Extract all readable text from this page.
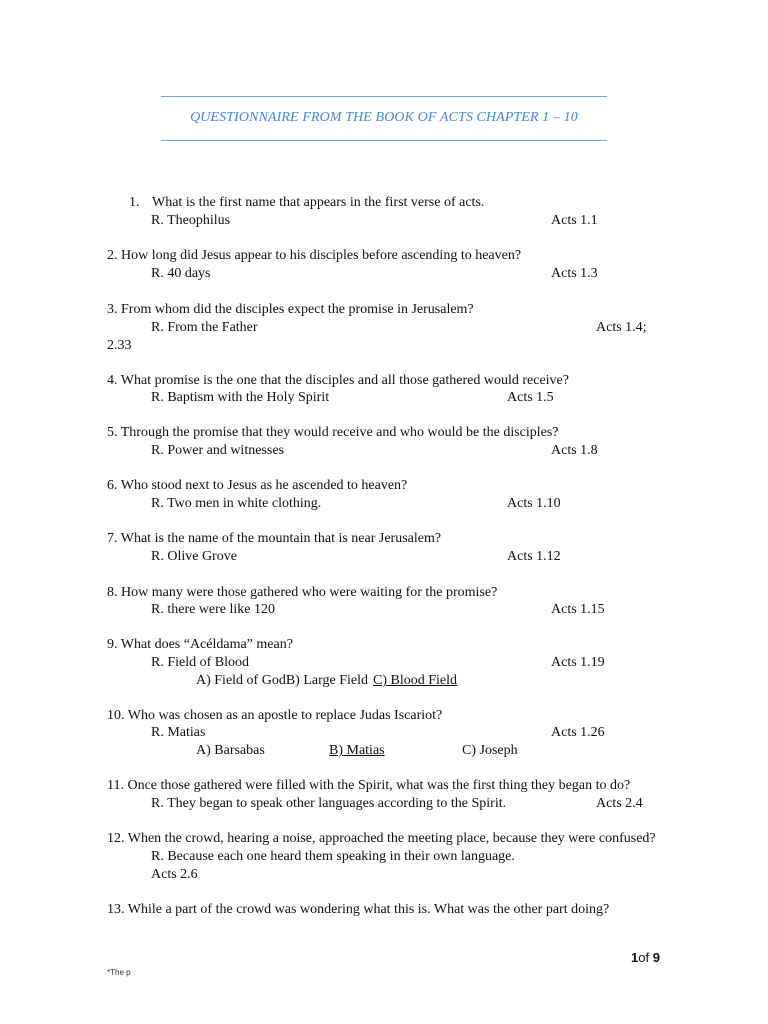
QUESTIONNAIRE FROM THE BOOK OF ACTS CHAPTER 1 – 10
1. What is the first name that appears in the first verse of acts.
R. Theophilus	Acts 1.1
2. How long did Jesus appear to his disciples before ascending to heaven?
R. 40 days	Acts 1.3
3. From whom did the disciples expect the promise in Jerusalem?
R. From the Father	Acts 1.4;
2.33
4. What promise is the one that the disciples and all those gathered would receive?
R. Baptism with the Holy Spirit	Acts 1.5
5. Through the promise that they would receive and who would be the disciples?
R. Power and witnesses	Acts 1.8
6. Who stood next to Jesus as he ascended to heaven?
R. Two men in white clothing.	Acts 1.10
7. What is the name of the mountain that is near Jerusalem?
R. Olive Grove	Acts 1.12
8. How many were those gathered who were waiting for the promise?
R. there were like 120	Acts 1.15
9. What does “Acéldama” mean?
R. Field of Blood	Acts 1.19
A) Field of GodB) Large Field C) Blood Field
10. Who was chosen as an apostle to replace Judas Iscariot?
R. Matias	Acts 1.26
A) Barsabas	B) Matias	C) Joseph
11. Once those gathered were filled with the Spirit, what was the first thing they began to do?
R. They began to speak other languages according to the Spirit.	Acts 2.4
12. When the crowd, hearing a noise, approached the meeting place, because they were confused?
R. Because each one heard them speaking in their own language.
Acts 2.6
13. While a part of the crowd was wondering what this is. What was the other part doing?
1of 9
*The p
